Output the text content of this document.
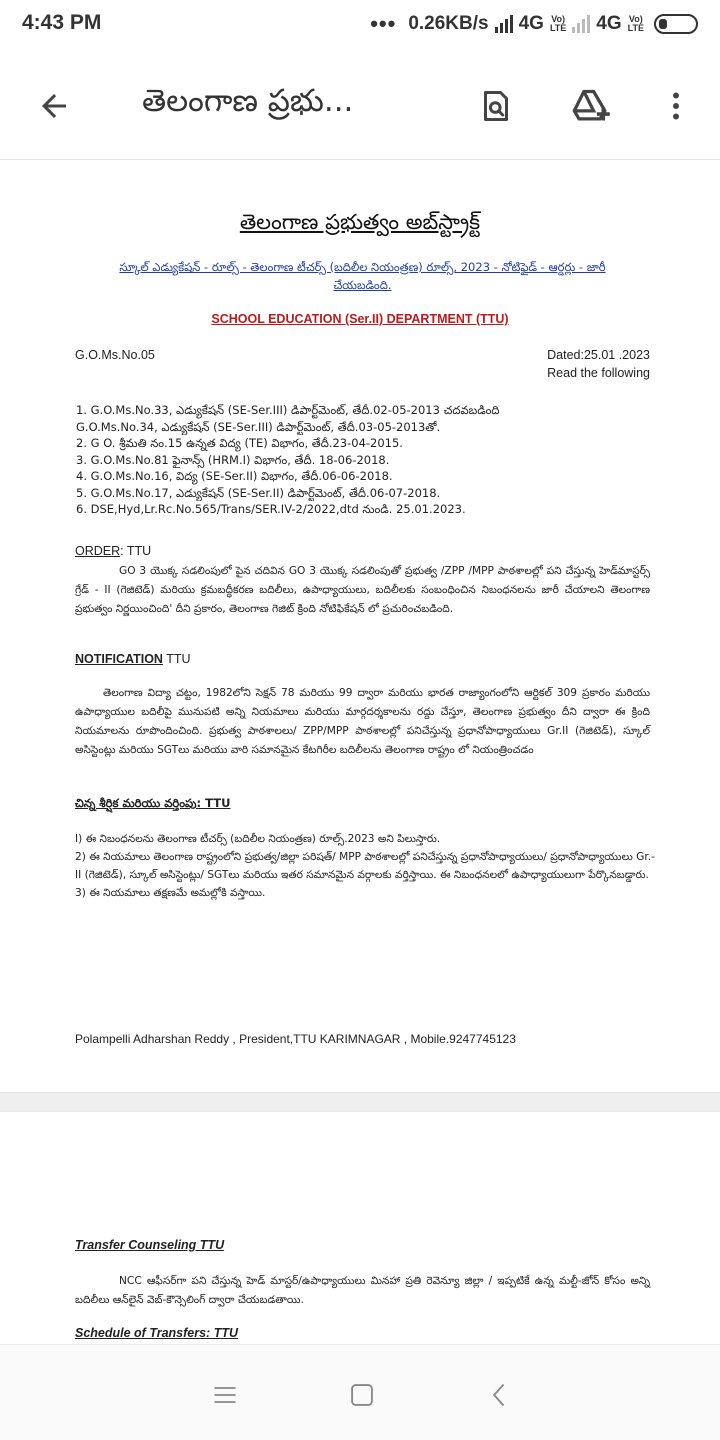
4:43 PM	••• 0.26KB/s 4G Vo)
LTE 4G Vo)
LTE
తెలంగాణ ప్రభు...
తెలంగాణ ప్రభుత్వం అబ్‌స్ట్రాక్ట్
స్కూల్ ఎడ్యుకేషన్ - రూల్స్ - తెలంగాణ టీచర్స్ (బదిలీల నియంత్రణ) రూల్స్, 2023 - నోటిఫైడ్ - ఆర్డర్లు - జారీ
చేయబడింది.
SCHOOL EDUCATION (Ser.II) DEPARTMENT (TTU)
G.O.Ms.No.05	Dated:25.01 .2023
Read the following
1. G.O.Ms.No.33, ఎడ్యుకేషన్ (SE-Ser.III) డిపార్ట్‌మెంట్, తేదీ.02-05-2013 చదవబడింది
G.O.Ms.No.34, ఎడ్యుకేషన్ (SE-Ser.III) డిపార్ట్‌మెంట్, తేదీ.03-05-2013తో.
2. G O. శ్రీమతి నం.15 ఉన్నత విద్య (TE) విభాగం, తేదీ.23-04-2015.
3. G.O.Ms.No.81 ఫైనాన్స్ (HRM.I) విభాగం, తేదీ. 18-06-2018.
4. G.O.Ms.No.16, విద్య (SE-Ser.II) విభాగం, తేదీ.06-06-2018.
5. G.O.Ms.No.17, ఎడ్యుకేషన్ (SE-Ser.II) డిపార్ట్‌మెంట్, తేదీ.06-07-2018.
6. DSE,Hyd,Lr.Rc.No.565/Trans/SER.IV-2/2022,dtd నుండి. 25.01.2023.
ORDER: TTU
GO 3 యొక్క సడలింపులో పైన చదివిన GO 3 యొక్క సడలింపుతో ప్రభుత్వ /ZPP /MPP పాఠశాలల్లో పని చేస్తున్న హెడ్‌మాస్టర్స్ గ్రేడ్ - II (గెజిటెడ్) మరియు క్రమబద్ధీకరణ బదిలీలు, ఉపాధ్యాయులు, బదిలీలకు సంబంధించిన నిబంధనలను జారీ చేయాలని తెలంగాణ ప్రభుత్వం నిర్ణయించింది' దీని ప్రకారం, తెలంగాణ గెజిట్ క్రింది నోటిఫికేషన్ లో ప్రచురించబడింది.
NOTIFICATION TTU
తెలంగాణ విద్యా చట్టం, 1982లోని సెక్షన్ 78 మరియు 99 ద్వారా మరియు భారత రాజ్యాంగంలోని ఆర్టికల్ 309 ప్రకారం మరియు ఉపాధ్యాయుల బదిలీపై మునుపటి అన్ని నియమాలు మరియు మార్గదర్శకాలను రద్దు చేస్తూ, తెలంగాణ ప్రభుత్వం దీని ద్వారా ఈ క్రింది నియమాలను రూపొందించింది. ప్రభుత్వ పాఠశాలలు/ ZPP/MPP పాఠశాలల్లో పనిచేస్తున్న ప్రధానోపాధ్యాయులు Gr.II (గెజిటెడ్), స్కూల్ అసిస్టెంట్లు మరియు SGTలు మరియు వారి సమానమైన కేటగిరీల బదిలీలను తెలంగాణ రాష్ట్రం లో నియంత్రించడం
చిన్న శీర్షిక మరియు వర్తింపు: TTU
I) ఈ నిబంధనలను తెలంగాణ టీచర్స్ (బదిలీల నియంత్రణ) రూల్స్.2023 అని పిలుస్తారు.
2) ఈ నియమాలు తెలంగాణ రాష్ట్రంలోని ప్రభుత్వ/జిల్లా పరిషత్/ MPP పాఠశాలల్లో పనిచేస్తున్న ప్రధానోపాధ్యాయులు/ ప్రధానోపాధ్యాయులు Gr.-II (గెజిటెడ్), స్కూల్ అసిస్టెంట్లు/ SGTలు మరియు ఇతర సమానమైన వర్గాలకు వర్తిస్తాయి. ఈ నిబంధనలలో ఉపాధ్యాయులుగా పేర్కొనబడ్డారు.
3) ఈ నియమాలు తక్షణమే అమల్లోకి వస్తాయి.
Polampelli Adharshan Reddy , President,TTU KARIMNAGAR , Mobile.9247745123
Transfer Counseling TTU
NCC ఆఫీసర్‌గా పని చేస్తున్న హెడ్ మాస్టర్/ఉపాధ్యాయులు మినహా ప్రతి రెవెన్యూ జిల్లా / ఇప్పటికే ఉన్న మల్టీ-జోన్ కోసం అన్ని బదిలీలు ఆన్‌లైన్ వెబ్-కౌన్సెలింగ్ ద్వారా చేయబడతాయి.
Schedule of Transfers: TTU
